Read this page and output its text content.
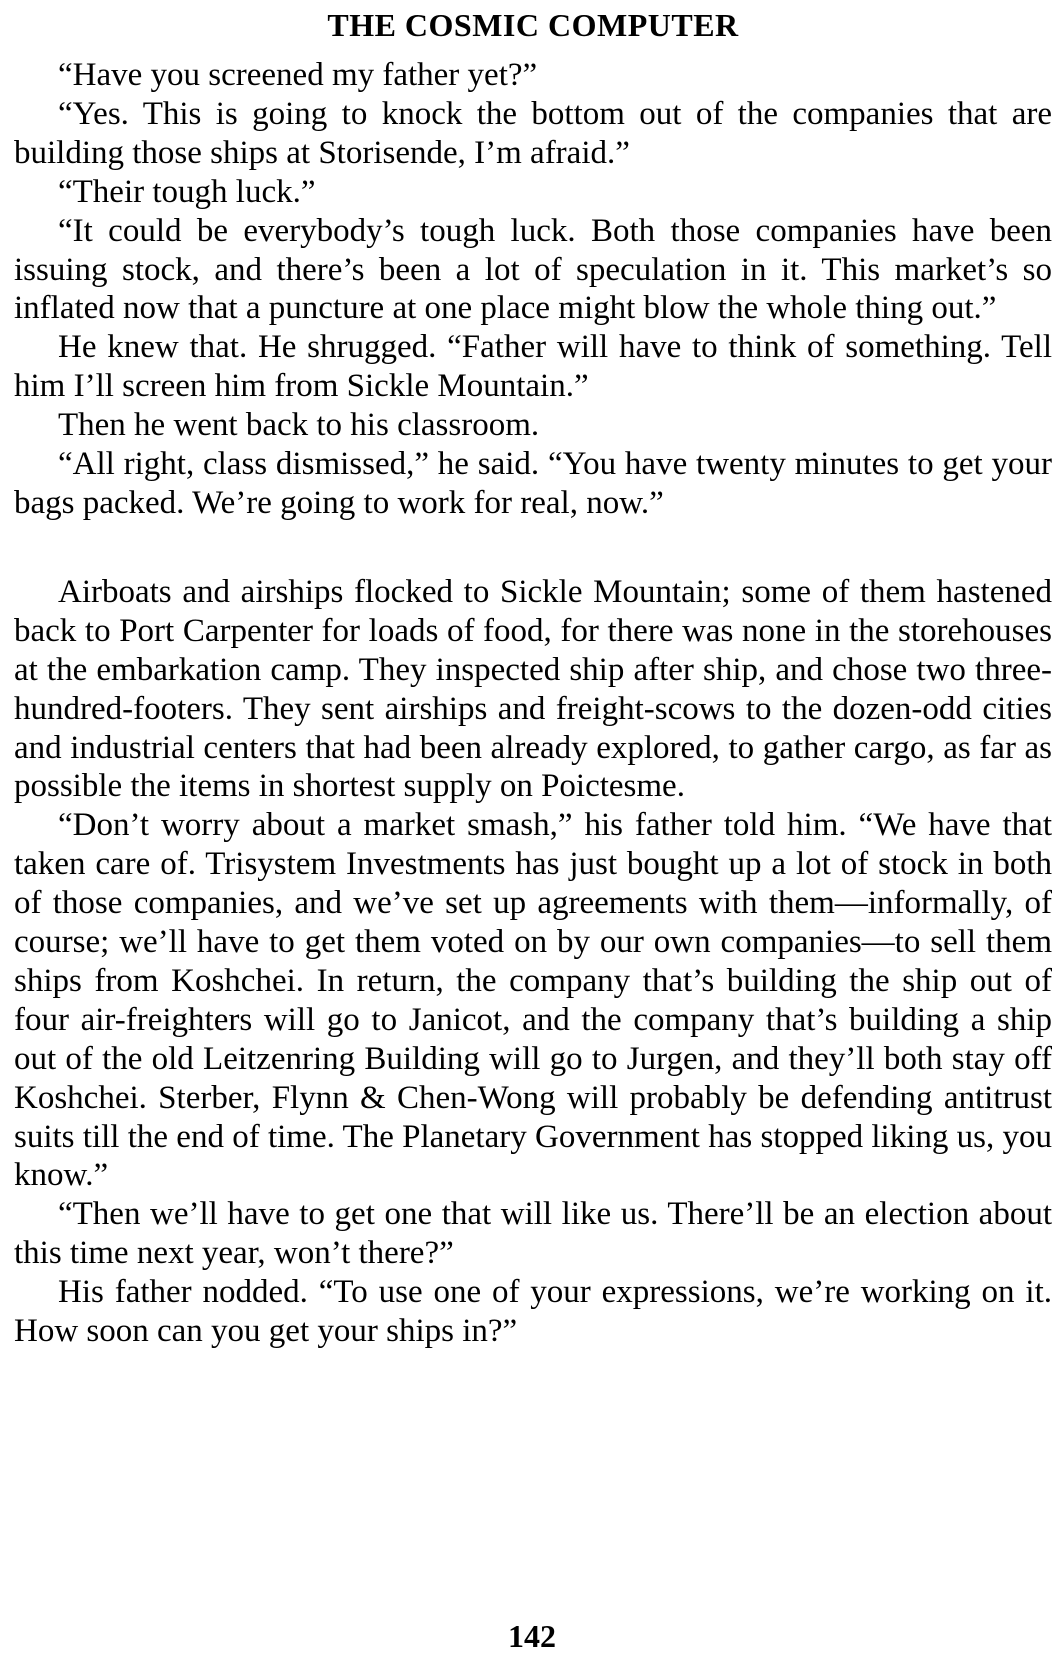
THE COSMIC COMPUTER

“Have you screened my father yet?”

“Yes. This is going to knock the bottom out of the companies that are building those ships at Storisende, I’m afraid.”

“Their tough luck.”

“It could be everybody’s tough luck. Both those companies have been issuing stock, and there’s been a lot of speculation in it. This market’s so inflated now that a puncture at one place might blow the whole thing out.”

He knew that. He shrugged. “Father will have to think of something. Tell him I’ll screen him from Sickle Mountain.”

Then he went back to his classroom.

“All right, class dismissed,” he said. “You have twenty minutes to get your bags packed. We’re going to work for real, now.”

Airboats and airships flocked to Sickle Mountain; some of them hastened back to Port Carpenter for loads of food, for there was none in the storehouses at the embarkation camp. They inspected ship after ship, and chose two three-hundred-footers. They sent airships and freight-scows to the dozen-odd cities and industrial centers that had been already explored, to gather cargo, as far as possible the items in shortest supply on Poictesme.

“Don’t worry about a market smash,” his father told him. “We have that taken care of. Trisystem Investments has just bought up a lot of stock in both of those companies, and we’ve set up agreements with them—informally, of course; we’ll have to get them voted on by our own companies—to sell them ships from Koshchei. In return, the company that’s building the ship out of four air-freighters will go to Janicot, and the company that’s building a ship out of the old Leitzenring Building will go to Jurgen, and they’ll both stay off Koshchei. Sterber, Flynn & Chen-Wong will probably be defending antitrust suits till the end of time. The Planetary Government has stopped liking us, you know.”

“Then we’ll have to get one that will like us. There’ll be an election about this time next year, won’t there?”

His father nodded. “To use one of your expressions, we’re working on it. How soon can you get your ships in?”

142
